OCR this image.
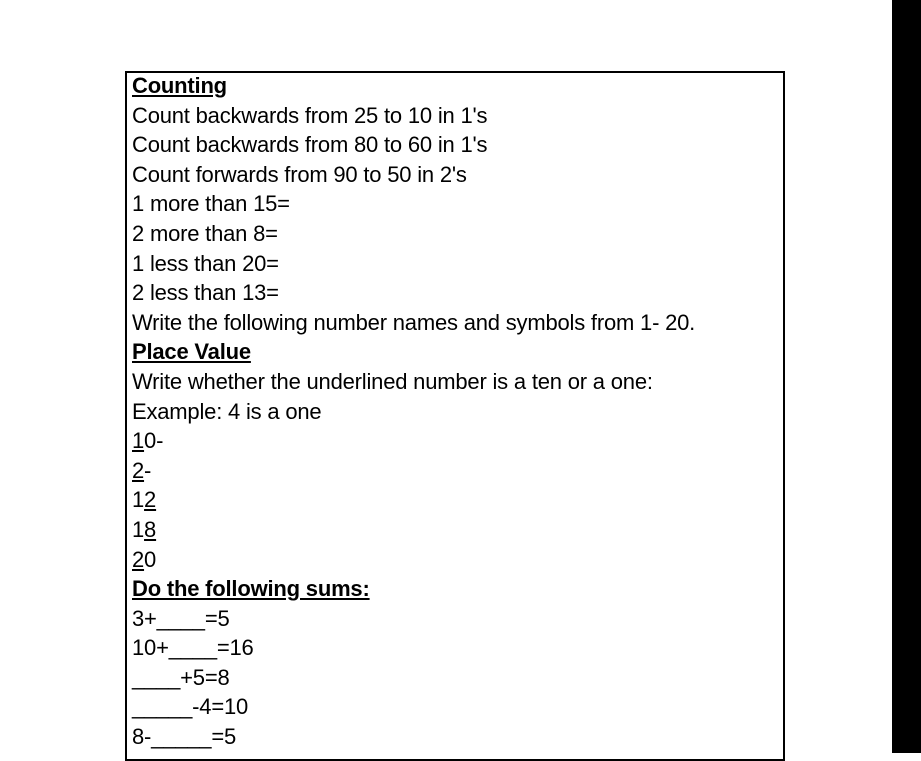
Counting
Count backwards from 25 to 10 in 1's
Count backwards from 80 to 60 in 1's
Count forwards from 90 to 50 in 2's
1 more than 15=
2 more than 8=
1 less than 20=
2 less than 13=
Write the following number names and symbols from 1- 20.
Place Value
Write whether the underlined number is a ten or a one:
Example: 4 is a one
10-
2-
12
18
20
Do the following sums:
3+____=5
10+____=16
____+5=8
_____-4=10
8-_____=5
